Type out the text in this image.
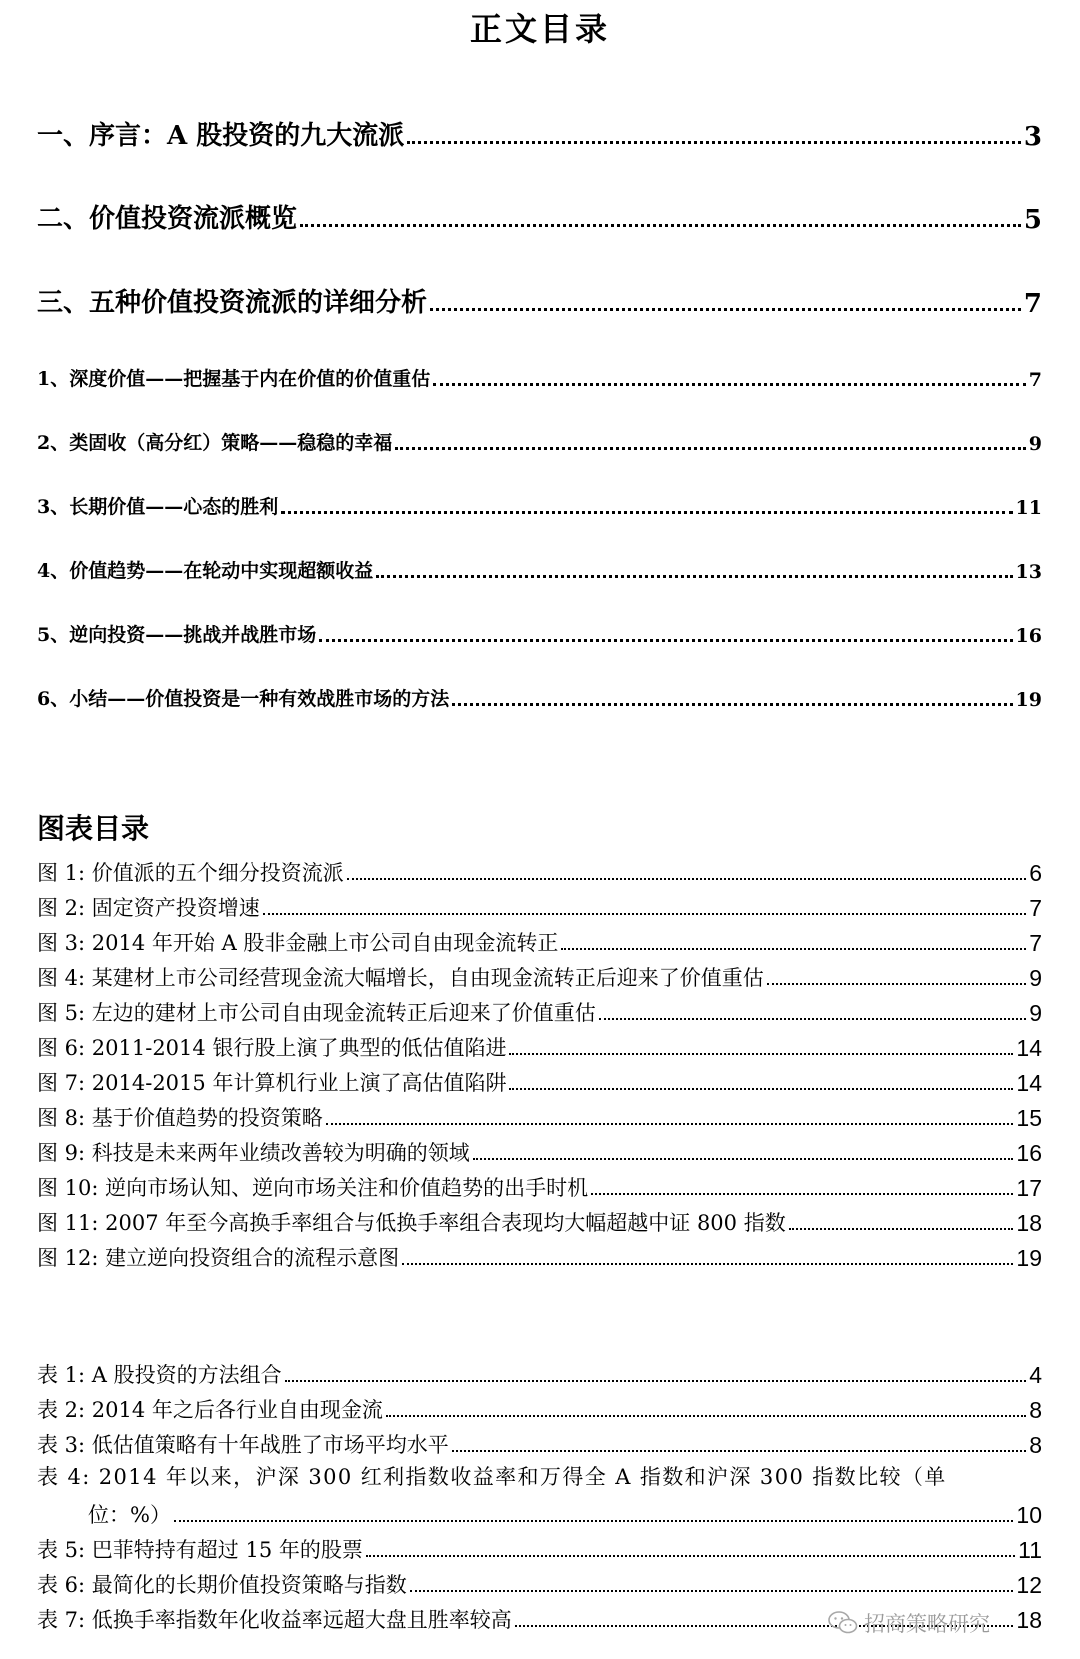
正文目录
一、序言：A 股投资的九大流派	3
二、价值投资流派概览	5
三、五种价值投资流派的详细分析	7
1、深度价值——把握基于内在价值的价值重估	7
2、类固收（高分红）策略——稳稳的幸福	9
3、长期价值——心态的胜利	11
4、价值趋势——在轮动中实现超额收益	13
5、逆向投资——挑战并战胜市场	16
6、小结——价值投资是一种有效战胜市场的方法	19
图表目录
图 1: 价值派的五个细分投资流派	6
图 2: 固定资产投资增速	7
图 3: 2014 年开始 A 股非金融上市公司自由现金流转正	7
图 4: 某建材上市公司经营现金流大幅增长，自由现金流转正后迎来了价值重估	9
图 5: 左边的建材上市公司自由现金流转正后迎来了价值重估	9
图 6: 2011-2014 银行股上演了典型的低估值陷进	14
图 7: 2014-2015 年计算机行业上演了高估值陷阱	14
图 8: 基于价值趋势的投资策略	15
图 9: 科技是未来两年业绩改善较为明确的领域	16
图 10: 逆向市场认知、逆向市场关注和价值趋势的出手时机	17
图 11: 2007 年至今高换手率组合与低换手率组合表现均大幅超越中证 800 指数	18
图 12: 建立逆向投资组合的流程示意图	19
表 1: A 股投资的方法组合	4
表 2: 2014 年之后各行业自由现金流	8
表 3: 低估值策略有十年战胜了市场平均水平	8
表 4: 2014 年以来，沪深 300 红利指数收益率和万得全 A 指数和沪深 300 指数比较（单
位：%）	10
表 5: 巴菲特持有超过 15 年的股票	11
表 6: 最简化的长期价值投资策略与指数	12
表 7: 低换手率指数年化收益率远超大盘且胜率较高	18
招商策略研究
